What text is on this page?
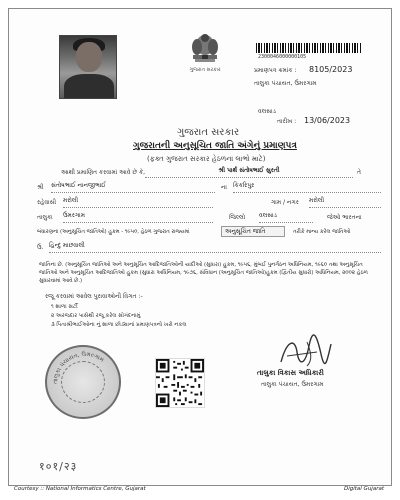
ગુજરાત સરકાર
2300046000000105
પ્રમાણપત્ર ક્રમાંક : 8105/2023
તાલુકા પંચાયત, ઉમરગામ
વલસાડ
તારીખ : 13/06/2023
ગુજરાત સરકાર
ગુજરાતની અનુસૂચિત જાતિ અંગેનું પ્રમાણપત્ર
(ફક્ત ગુજરાત સરકાર હેઠળના લાભો માટે)
આથી પ્રમાણિત કરવામાં આવે છે કે,	શ્રી પાર્થ સંતોષભાઈ સુરતી	તે
શ્રી સંતોષભાઈ નાનજીભાઈ	ના કિકરિપુર
રહેવાસી મરોલી	ગામ / નગર મરોલી
તાલુકા ઉમરગામ	જિલ્લો વલસાડ	જેઓ ભારતના
બંધારણના (અનુસૂચિત જાતિઓ) હુકમ - ૧૯૫૦, હેઠળ ગુજરાત રાજ્યમાં	અનુસૂચિત જાતિ	તરીકે માન્ય કરેલ જાતિઓ
ઉ. હિન્દુ માછવાલી
જાતિના છે. (અનુસૂચિત જાતિઓ અને અનુસૂચિત આદિજાતિઓની યાદીઓ (સુધારા) હુકમ, ૧૯૫૬, મુંબઈ પુનર્ગઠન અધિનિયમ, ૧૯૬૦ તથા અનુસૂચિત જાતિઓ અને અનુસૂચિત આદિજાતિઓ હુકમ (સુધારા અધિનિયમ, ૧૯૭૬, સંવિધાન (અનુસૂચિત જાતિઓ)હુકમ (દ્વિતીય સુધારો) અધિનિયમ, ૨૦૦૨ હેઠળ સુધારવામાં આવે છે.)
રજૂ કરવામાં આવેલ પુરાવાઓની વિગત :-
૧ શાળા સર્ટી
૨ અરજદાર પાસેથી રજૂ કરેલ સોગંદનામું
૩ પિતાશ્રીભાઈઓના નું શાળા છોડ્યાનાં પ્રમાણપત્રનો ખરો નકલ
તાલુકા વિકાસ અધિકારી
તાલુકા પંચાયત, ઉમરગામ
તાલુકા પંચાયત, ઉમરગામ
१०१/२३
Courtesy :: National Informatics Centre, Gujarat	Digital Gujarat
